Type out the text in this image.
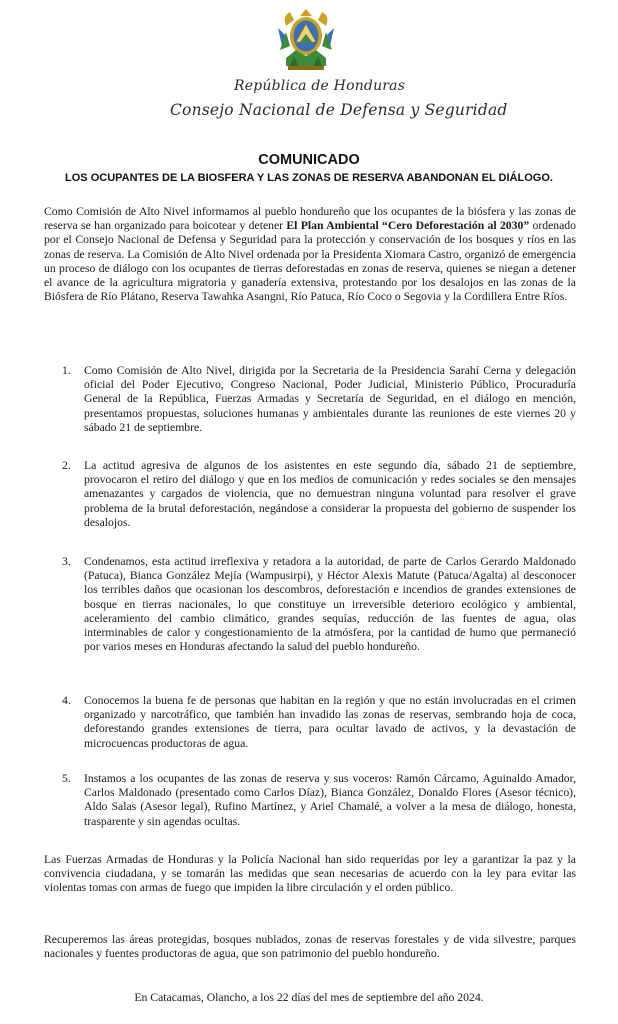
República de Honduras
Consejo Nacional de Defensa y Seguridad
COMUNICADO
LOS OCUPANTES DE LA BIOSFERA Y LAS ZONAS DE RESERVA ABANDONAN EL DIÁLOGO.

Como Comisión de Alto Nivel informamos al pueblo hondureño que los ocupantes de la biósfera y las zonas de reserva se han organizado para boicotear y detener El Plan Ambiental “Cero Deforestación al 2030” ordenado por el Consejo Nacional de Defensa y Seguridad para la protección y conservación de los bosques y ríos en las zonas de reserva. La Comisión de Alto Nivel ordenada por la Presidenta Xiomara Castro, organizó de emergencia un proceso de diálogo con los ocupantes de tierras deforestadas en zonas de reserva, quienes se niegan a detener el avance de la agricultura migratoria y ganadería extensiva, protestando por los desalojos en las zonas de la Biósfera de Río Plátano, Reserva Tawahka Asangni, Río Patuca, Río Coco o Segovia y la Cordillera Entre Ríos.

1. Como Comisión de Alto Nivel, dirigida por la Secretaria de la Presidencia Sarahí Cerna y delegación oficial del Poder Ejecutivo, Congreso Nacional, Poder Judicial, Ministerio Público, Procuraduría General de la República, Fuerzas Armadas y Secretaría de Seguridad, en el diálogo en mención, presentamos propuestas, soluciones humanas y ambientales durante las reuniones de este viernes 20 y sábado 21 de septiembre.
2. La actitud agresiva de algunos de los asistentes en este segundo día, sábado 21 de septiembre, provocaron el retiro del diálogo y que en los medios de comunicación y redes sociales se den mensajes amenazantes y cargados de violencia, que no demuestran ninguna voluntad para resolver el grave problema de la brutal deforestación, negándose a considerar la propuesta del gobierno de suspender los desalojos.
3. Condenamos, esta actitud irreflexiva y retadora a la autoridad, de parte de Carlos Gerardo Maldonado (Patuca), Bianca González Mejía (Wampusirpi), y Héctor Alexis Matute (Patuca/Agalta) al desconocer los terribles daños que ocasionan los descombros, deforestación e incendios de grandes extensiones de bosque en tierras nacionales, lo que constituye un irreversible deterioro ecológico y ambiental, aceleramiento del cambio climático, grandes sequías, reducción de las fuentes de agua, olas interminables de calor y congestionamiento de la atmósfera, por la cantidad de humo que permaneció por varios meses en Honduras afectando la salud del pueblo hondureño.
4. Conocemos la buena fe de personas que habitan en la región y que no están involucradas en el crimen organizado y narcotráfico, que también han invadido las zonas de reservas, sembrando hoja de coca, deforestando grandes extensiones de tierra, para ocultar lavado de activos, y la devastación de microcuencas productoras de agua.
5. Instamos a los ocupantes de las zonas de reserva y sus voceros: Ramón Cárcamo, Aguinaldo Amador, Carlos Maldonado (presentado como Carlos Díaz), Bianca González, Donaldo Flores (Asesor técnico), Aldo Salas (Asesor legal), Rufino Martínez, y Ariel Chamalé, a volver a la mesa de diálogo, honesta, trasparente y sin agendas ocultas.

Las Fuerzas Armadas de Honduras y la Policía Nacional han sido requeridas por ley a garantizar la paz y la convivencia ciudadana, y se tomarán las medidas que sean necesarias de acuerdo con la ley para evitar las violentas tomas con armas de fuego que impiden la libre circulación y el orden público.

Recuperemos las áreas protegidas, bosques nublados, zonas de reservas forestales y de vida silvestre, parques nacionales y fuentes productoras de agua, que son patrimonio del pueblo hondureño.

En Catacamas, Olancho, a los 22 días del mes de septiembre del año 2024.
